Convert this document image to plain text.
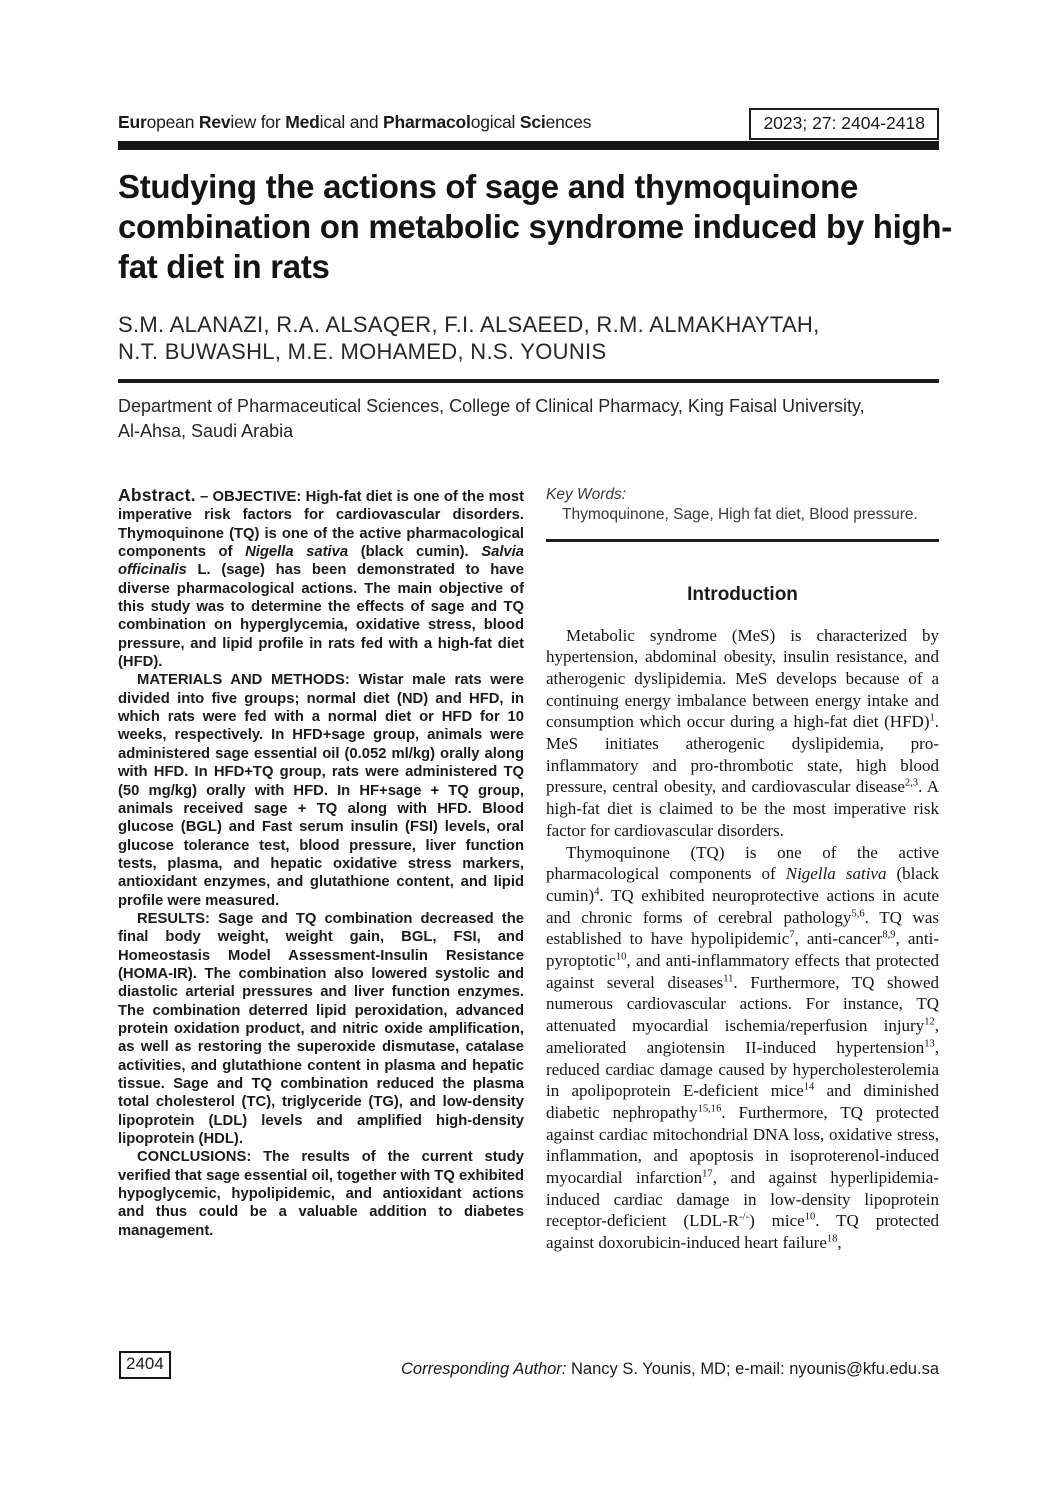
European Review for Medical and Pharmacological Sciences	2023; 27: 2404-2418
Studying the actions of sage and thymoquinone combination on metabolic syndrome induced by high-fat diet in rats
S.M. ALANAZI, R.A. ALSAQER, F.I. ALSAEED, R.M. ALMAKHAYTAH,
N.T. BUWASHL, M.E. MOHAMED, N.S. YOUNIS
Department of Pharmaceutical Sciences, College of Clinical Pharmacy, King Faisal University,
Al-Ahsa, Saudi Arabia

Abstract. – OBJECTIVE: High-fat diet is one of the most imperative risk factors for cardiovascular disorders. Thymoquinone (TQ) is one of the active pharmacological components of Nigella sativa (black cumin). Salvia officinalis L. (sage) has been demonstrated to have diverse pharmacological actions. The main objective of this study was to determine the effects of sage and TQ combination on hyperglycemia, oxidative stress, blood pressure, and lipid profile in rats fed with a high-fat diet (HFD).

MATERIALS AND METHODS: Wistar male rats were divided into five groups; normal diet (ND) and HFD, in which rats were fed with a normal diet or HFD for 10 weeks, respectively. In HFD+sage group, animals were administered sage essential oil (0.052 ml/kg) orally along with HFD. In HFD+TQ group, rats were administered TQ (50 mg/kg) orally with HFD. In HF+sage + TQ group, animals received sage + TQ along with HFD. Blood glucose (BGL) and Fast serum insulin (FSI) levels, oral glucose tolerance test, blood pressure, liver function tests, plasma, and hepatic oxidative stress markers, antioxidant enzymes, and glutathione content, and lipid profile were measured.

RESULTS: Sage and TQ combination decreased the final body weight, weight gain, BGL, FSI, and Homeostasis Model Assessment-Insulin Resistance (HOMA-IR). The combination also lowered systolic and diastolic arterial pressures and liver function enzymes. The combination deterred lipid peroxidation, advanced protein oxidation product, and nitric oxide amplification, as well as restoring the superoxide dismutase, catalase activities, and glutathione content in plasma and hepatic tissue. Sage and TQ combination reduced the plasma total cholesterol (TC), triglyceride (TG), and low-density lipoprotein (LDL) levels and amplified high-density lipoprotein (HDL).

CONCLUSIONS: The results of the current study verified that sage essential oil, together with TQ exhibited hypoglycemic, hypolipidemic, and antioxidant actions and thus could be a valuable addition to diabetes management.

Key Words:

Thymoquinone, Sage, High fat diet, Blood pressure.

Introduction

Metabolic syndrome (MeS) is characterized by hypertension, abdominal obesity, insulin resistance, and atherogenic dyslipidemia. MeS develops because of a continuing energy imbalance between energy intake and consumption which occur during a high-fat diet (HFD)$^1$. MeS initiates atherogenic dyslipidemia, pro-inflammatory and pro-thrombotic state, high blood pressure, central obesity, and cardiovascular disease$^{2,3}$. A high-fat diet is claimed to be the most imperative risk factor for cardiovascular disorders.

Thymoquinone (TQ) is one of the active pharmacological components of Nigella sativa (black cumin)$^4$. TQ exhibited neuroprotective actions in acute and chronic forms of cerebral pathology$^{5,6}$. TQ was established to have hypolipidemic$^7$, anti-cancer$^{8,9}$, anti-pyroptotic$^{10}$, and anti-inflammatory effects that protected against several diseases$^{11}$. Furthermore, TQ showed numerous cardiovascular actions. For instance, TQ attenuated myocardial ischemia/reperfusion injury$^{12}$, ameliorated angiotensin II-induced hypertension$^{13}$, reduced cardiac damage caused by hypercholesterolemia in apolipoprotein E-deficient mice$^{14}$ and diminished diabetic nephropathy$^{15,16}$. Furthermore, TQ protected against cardiac mitochondrial DNA loss, oxidative stress, inflammation, and apoptosis in isoproterenol-induced myocardial infarction$^{17}$, and against hyperlipidemia-induced cardiac damage in low-density lipoprotein receptor-deficient (LDL-R-/-) mice$^{10}$. TQ protected against doxorubicin-induced heart failure$^{18}$,

2404	Corresponding Author: Nancy S. Younis, MD; e-mail: nyounis@kfu.edu.sa
